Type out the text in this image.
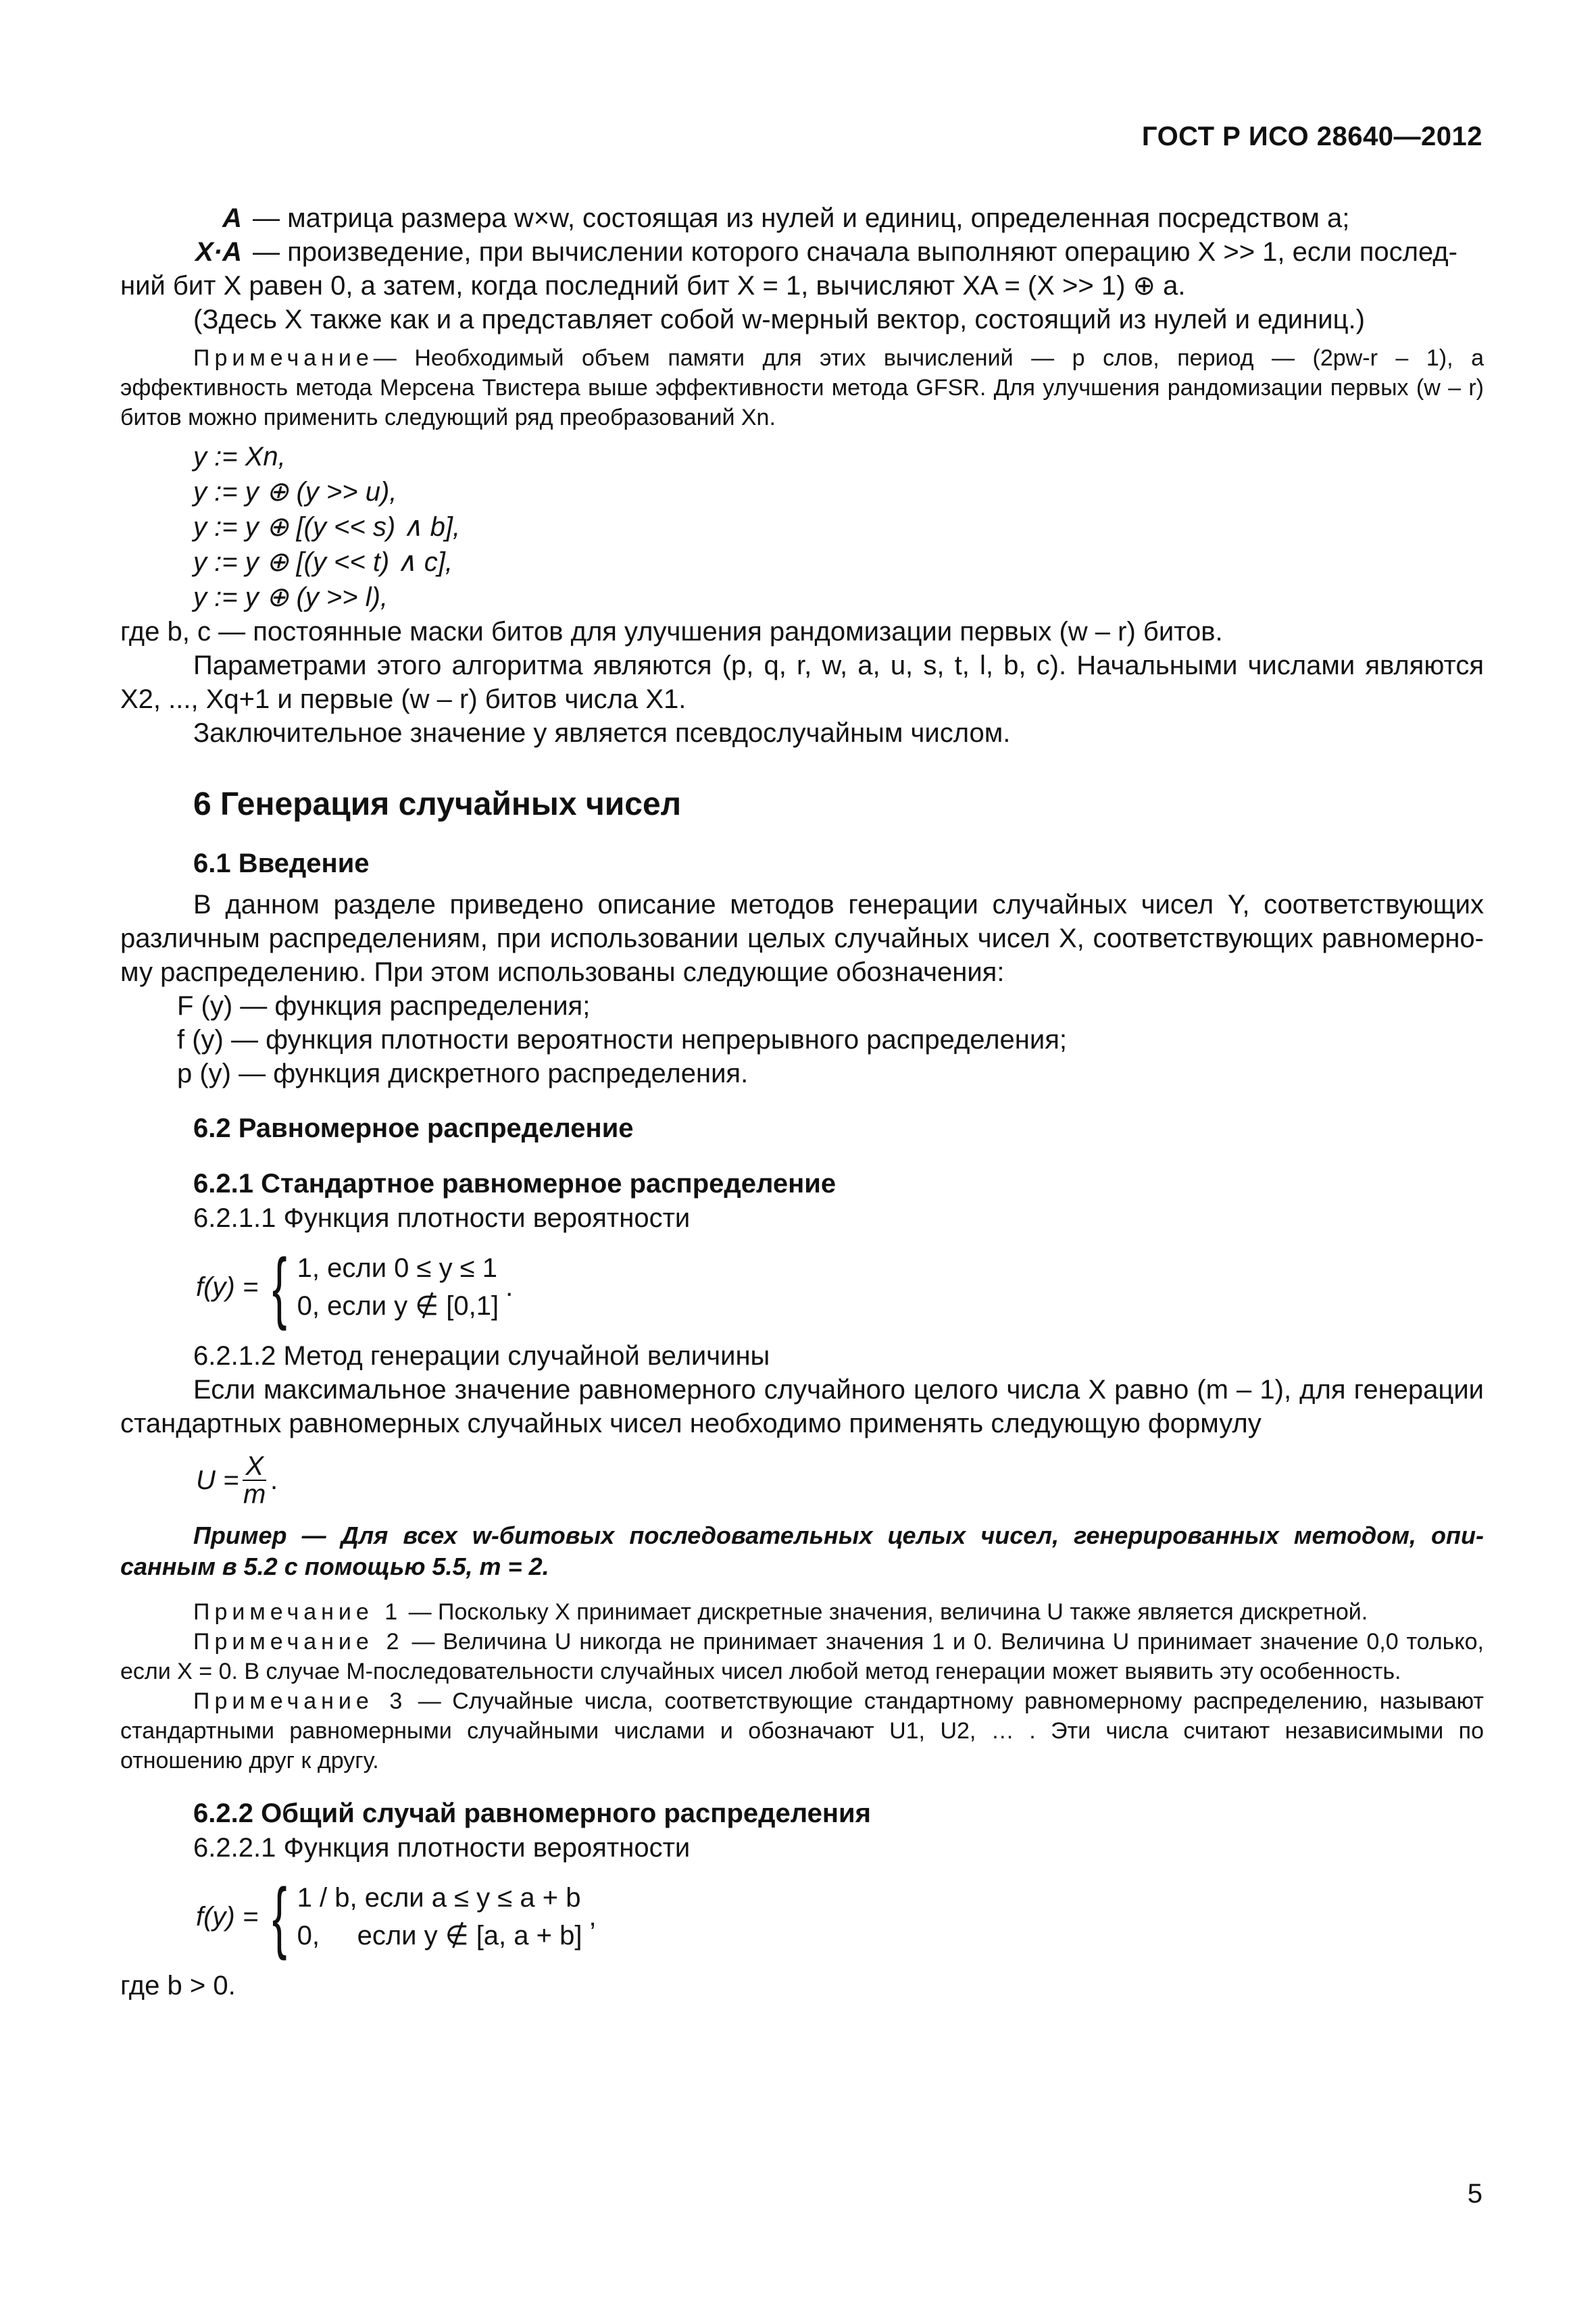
ГОСТ Р ИСО 28640—2012
A — матрица размера w×w, состоящая из нулей и единиц, определенная посредством a;
X·A — произведение, при вычислении которого сначала выполняют операцию X >> 1, если послед-

ний бит X равен 0, а затем, когда последний бит X = 1, вычисляют XA = (X >> 1) ⊕ a.

(Здесь X также как и a представляет собой w-мерный вектор, состоящий из нулей и единиц.)

Примечание— Необходимый объем памяти для этих вычислений — p слов, период — (2pw-r – 1), а эффективность метода Мерсена Твистера выше эффективности метода GFSR. Для улучшения рандомизации первых (w – r) битов можно применить следующий ряд преобразований Xn.

y := Xn,
y := y ⊕ (y >> u),
y := y ⊕ [(y << s) ∧ b],
y := y ⊕ [(y << t) ∧ c],
y := y ⊕ (y >> l),

где b, c — постоянные маски битов для улучшения рандомизации первых (w – r) битов.

Параметрами этого алгоритма являются (p, q, r, w, a, u, s, t, l, b, c). Начальными числами являются X2, ..., Xq+1 и первые (w – r) битов числа X1.

Заключительное значение y является псевдослучайным числом.

6 Генерация случайных чисел
6.1 Введение

В данном разделе приведено описание методов генерации случайных чисел Y, соответствующих различным распределениям, при использовании целых случайных чисел X, соответствующих равномерному распределению. При этом использованы следующие обозначения:

F (y) — функция распределения;
f (y) — функция плотности вероятности непрерывного распределения;
p (y) — функция дискретного распределения.
6.2 Равномерное распределение
6.2.1 Стандартное равномерное распределение

6.2.1.1 Функция плотности вероятности

f(y) = { 1, если 0 ≤ y ≤ 1
0, если y ∉ [0,1]
.

6.2.1.2 Метод генерации случайной величины

Если максимальное значение равномерного случайного целого числа X равно (m – 1), для генерации стандартных равномерных случайных чисел необходимо применять следующую формулу

$U = \frac{X}{m}$ .

Пример — Для всех w-битовых последовательных целых чисел, генерированных методом, описанным в 5.2 с помощью 5.5, m = 2.

Примечание 1 — Поскольку X принимает дискретные значения, величина U также является дискретной.

Примечание 2 — Величина U никогда не принимает значения 1 и 0. Величина U принимает значение 0,0 только, если X = 0. В случае М-последовательности случайных чисел любой метод генерации может выявить эту особенность.

Примечание 3 — Случайные числа, соответствующие стандартному равномерному распределению, называют стандартными равномерными случайными числами и обозначают U1, U2, … . Эти числа считают независимыми по отношению друг к другу.

6.2.2 Общий случай равномерного распределения

6.2.2.1 Функция плотности вероятности

f(y) = { 1 / b, если a ≤ y ≤ a + b
0,     если y ∉ [a, a + b]
,

где b > 0.

5
